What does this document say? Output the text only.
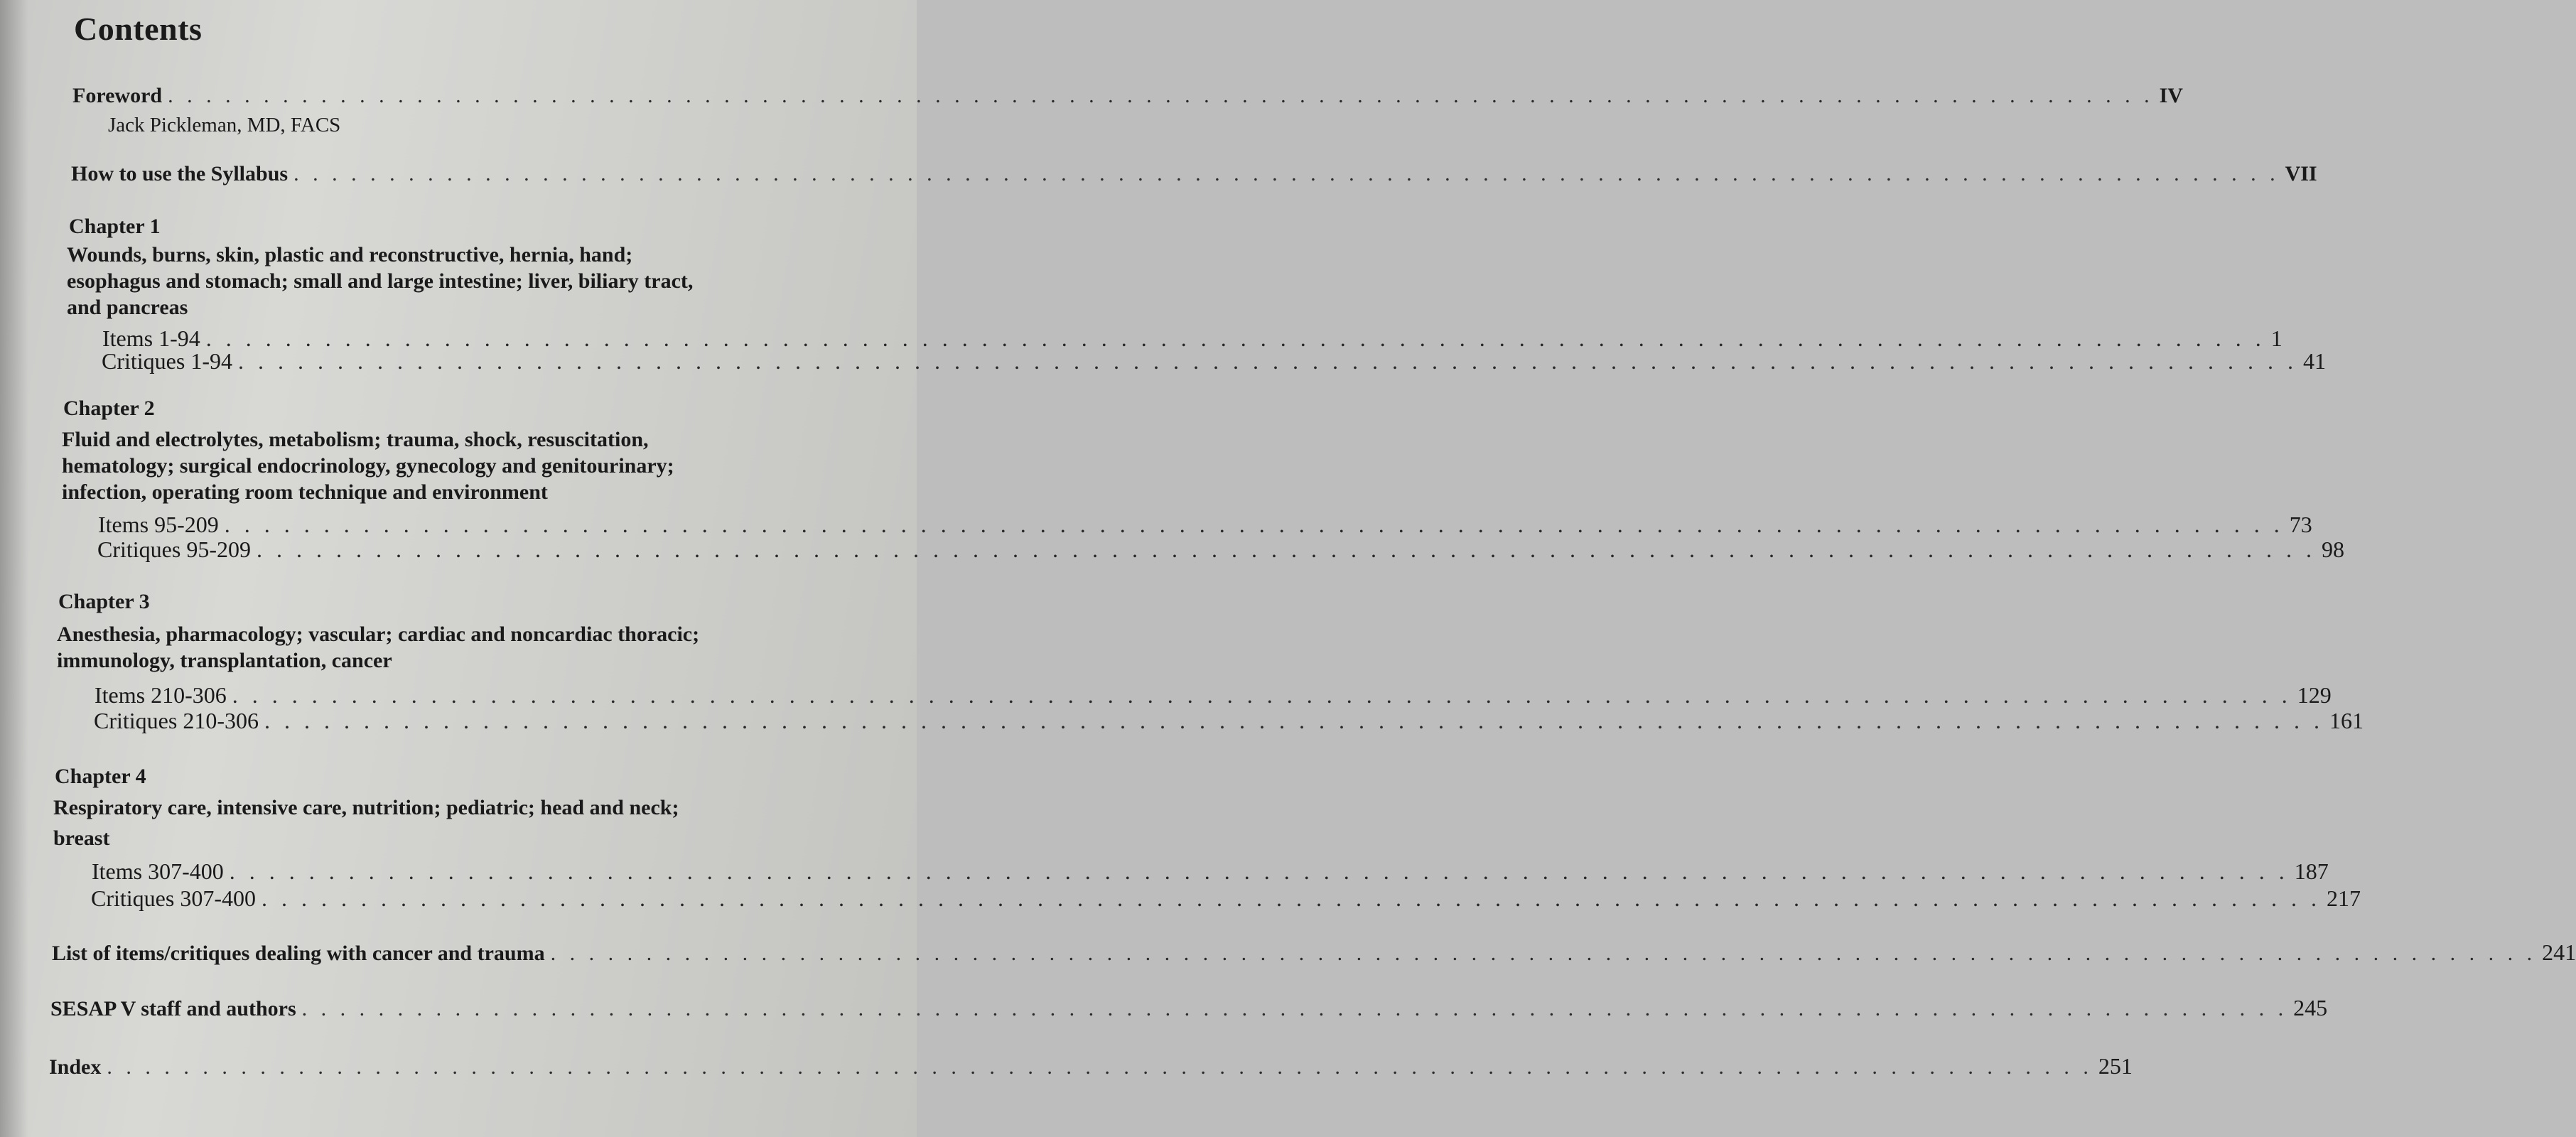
Contents
Foreword . . . . . . . . . . . . . . . . . . . . . . . . . . . . . . . . . . . . . . . . . . . . . . . . . . . . . . . . . . . . . . . . . . . . . . . . . . . . . . . . . . . . . . . . . . . . . . . . . . . . . . . . IV
Jack Pickleman, MD, FACS
How to use the Syllabus . . . . . . . . . . . . . . . . . . . . . . . . . . . . . . . . . . . . . . . . . . . . . . . . . . . . . . . . . . . . . . . . . . . . . . . . . . . . . . . . . . . . . . . . . . . . . . . . . . . . . . . . VII
Chapter 1
Wounds, burns, skin, plastic and reconstructive, hernia, hand;
esophagus and stomach; small and large intestine; liver, biliary tract,
and pancreas
Items 1-94 . . . . . . . . . . . . . . . . . . . . . . . . . . . . . . . . . . . . . . . . . . . . . . . . . . . . . . . . . . . . . . . . . . . . . . . . . . . . . . . . . . . . . . . . . . . . . . . . . . . . . . . . 1
Critiques 1-94 . . . . . . . . . . . . . . . . . . . . . . . . . . . . . . . . . . . . . . . . . . . . . . . . . . . . . . . . . . . . . . . . . . . . . . . . . . . . . . . . . . . . . . . . . . . . . . . . . . . . . . . . 41
Chapter 2
Fluid and electrolytes, metabolism; trauma, shock, resuscitation,
hematology; surgical endocrinology, gynecology and genitourinary;
infection, operating room technique and environment
Items 95-209 . . . . . . . . . . . . . . . . . . . . . . . . . . . . . . . . . . . . . . . . . . . . . . . . . . . . . . . . . . . . . . . . . . . . . . . . . . . . . . . . . . . . . . . . . . . . . . . . . . . . . . . . 73
Critiques 95-209 . . . . . . . . . . . . . . . . . . . . . . . . . . . . . . . . . . . . . . . . . . . . . . . . . . . . . . . . . . . . . . . . . . . . . . . . . . . . . . . . . . . . . . . . . . . . . . . . . . . . . . . . 98
Chapter 3
Anesthesia, pharmacology; vascular; cardiac and noncardiac thoracic;
immunology, transplantation, cancer
Items 210-306 . . . . . . . . . . . . . . . . . . . . . . . . . . . . . . . . . . . . . . . . . . . . . . . . . . . . . . . . . . . . . . . . . . . . . . . . . . . . . . . . . . . . . . . . . . . . . . . . . . . . . . . . 129
Critiques 210-306 . . . . . . . . . . . . . . . . . . . . . . . . . . . . . . . . . . . . . . . . . . . . . . . . . . . . . . . . . . . . . . . . . . . . . . . . . . . . . . . . . . . . . . . . . . . . . . . . . . . . . . . . 161
Chapter 4
Respiratory care, intensive care, nutrition; pediatric; head and neck;
breast
Items 307-400 . . . . . . . . . . . . . . . . . . . . . . . . . . . . . . . . . . . . . . . . . . . . . . . . . . . . . . . . . . . . . . . . . . . . . . . . . . . . . . . . . . . . . . . . . . . . . . . . . . . . . . . . 187
Critiques 307-400 . . . . . . . . . . . . . . . . . . . . . . . . . . . . . . . . . . . . . . . . . . . . . . . . . . . . . . . . . . . . . . . . . . . . . . . . . . . . . . . . . . . . . . . . . . . . . . . . . . . . . . . . 217
List of items/critiques dealing with cancer and trauma . . . . . . . . . . . . . . . . . . . . . . . . . . . . . . . . . . . . . . . . . . . . . . . . . . . . . . . . . . . . . . . . . . . . . . . . . . . . . . . . . . . . . . . . . . . . . . . . . . . . . . . . 241
SESAP V staff and authors . . . . . . . . . . . . . . . . . . . . . . . . . . . . . . . . . . . . . . . . . . . . . . . . . . . . . . . . . . . . . . . . . . . . . . . . . . . . . . . . . . . . . . . . . . . . . . . . . . . . . . . . 245
Index . . . . . . . . . . . . . . . . . . . . . . . . . . . . . . . . . . . . . . . . . . . . . . . . . . . . . . . . . . . . . . . . . . . . . . . . . . . . . . . . . . . . . . . . . . . . . . . . . . . . . . . . 251
